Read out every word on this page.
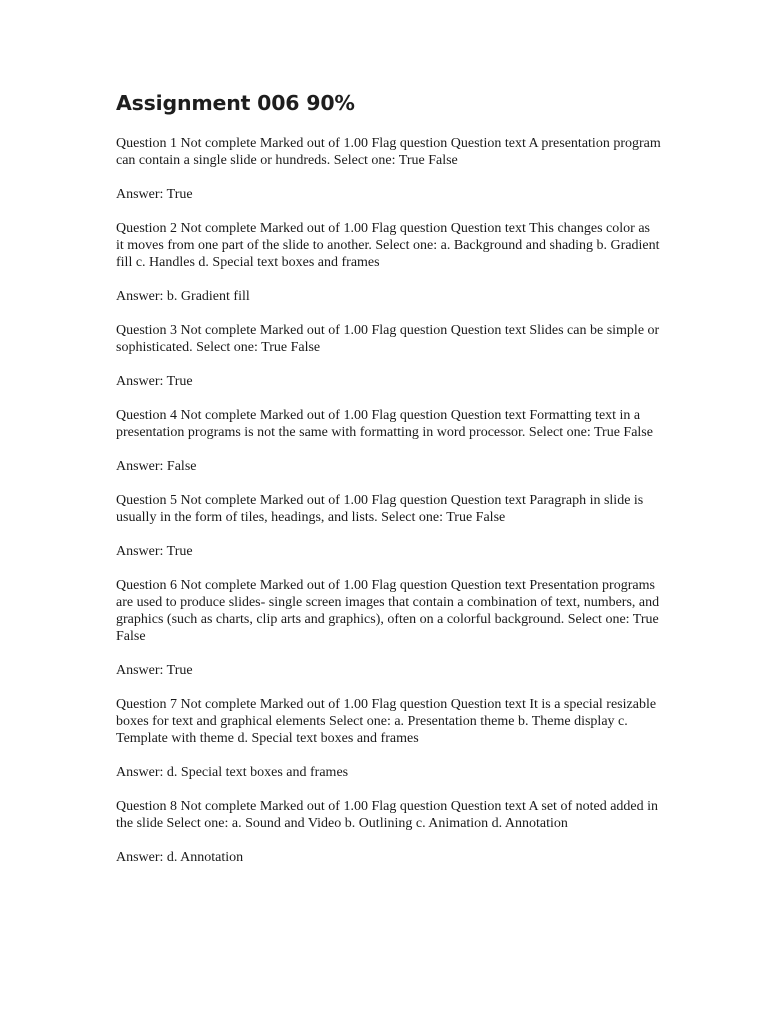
Assignment 006 90%

Question 1 Not complete Marked out of 1.00 Flag question Question text A presentation program can contain a single slide or hundreds. Select one: True False

Answer: True

Question 2 Not complete Marked out of 1.00 Flag question Question text This changes color as it moves from one part of the slide to another. Select one: a. Background and shading b. Gradient fill c. Handles d. Special text boxes and frames

Answer: b. Gradient fill

Question 3 Not complete Marked out of 1.00 Flag question Question text Slides can be simple or sophisticated. Select one: True False

Answer: True

Question 4 Not complete Marked out of 1.00 Flag question Question text Formatting text in a presentation programs is not the same with formatting in word processor. Select one: True False

Answer: False

Question 5 Not complete Marked out of 1.00 Flag question Question text Paragraph in slide is usually in the form of tiles, headings, and lists. Select one: True False

Answer: True

Question 6 Not complete Marked out of 1.00 Flag question Question text Presentation programs are used to produce slides- single screen images that contain a combination of text, numbers, and graphics (such as charts, clip arts and graphics), often on a colorful background. Select one: True False

Answer: True

Question 7 Not complete Marked out of 1.00 Flag question Question text It is a special resizable boxes for text and graphical elements Select one: a. Presentation theme b. Theme display c. Template with theme d. Special text boxes and frames

Answer: d. Special text boxes and frames

Question 8 Not complete Marked out of 1.00 Flag question Question text A set of noted added in the slide Select one: a. Sound and Video b. Outlining c. Animation d. Annotation

Answer: d. Annotation
